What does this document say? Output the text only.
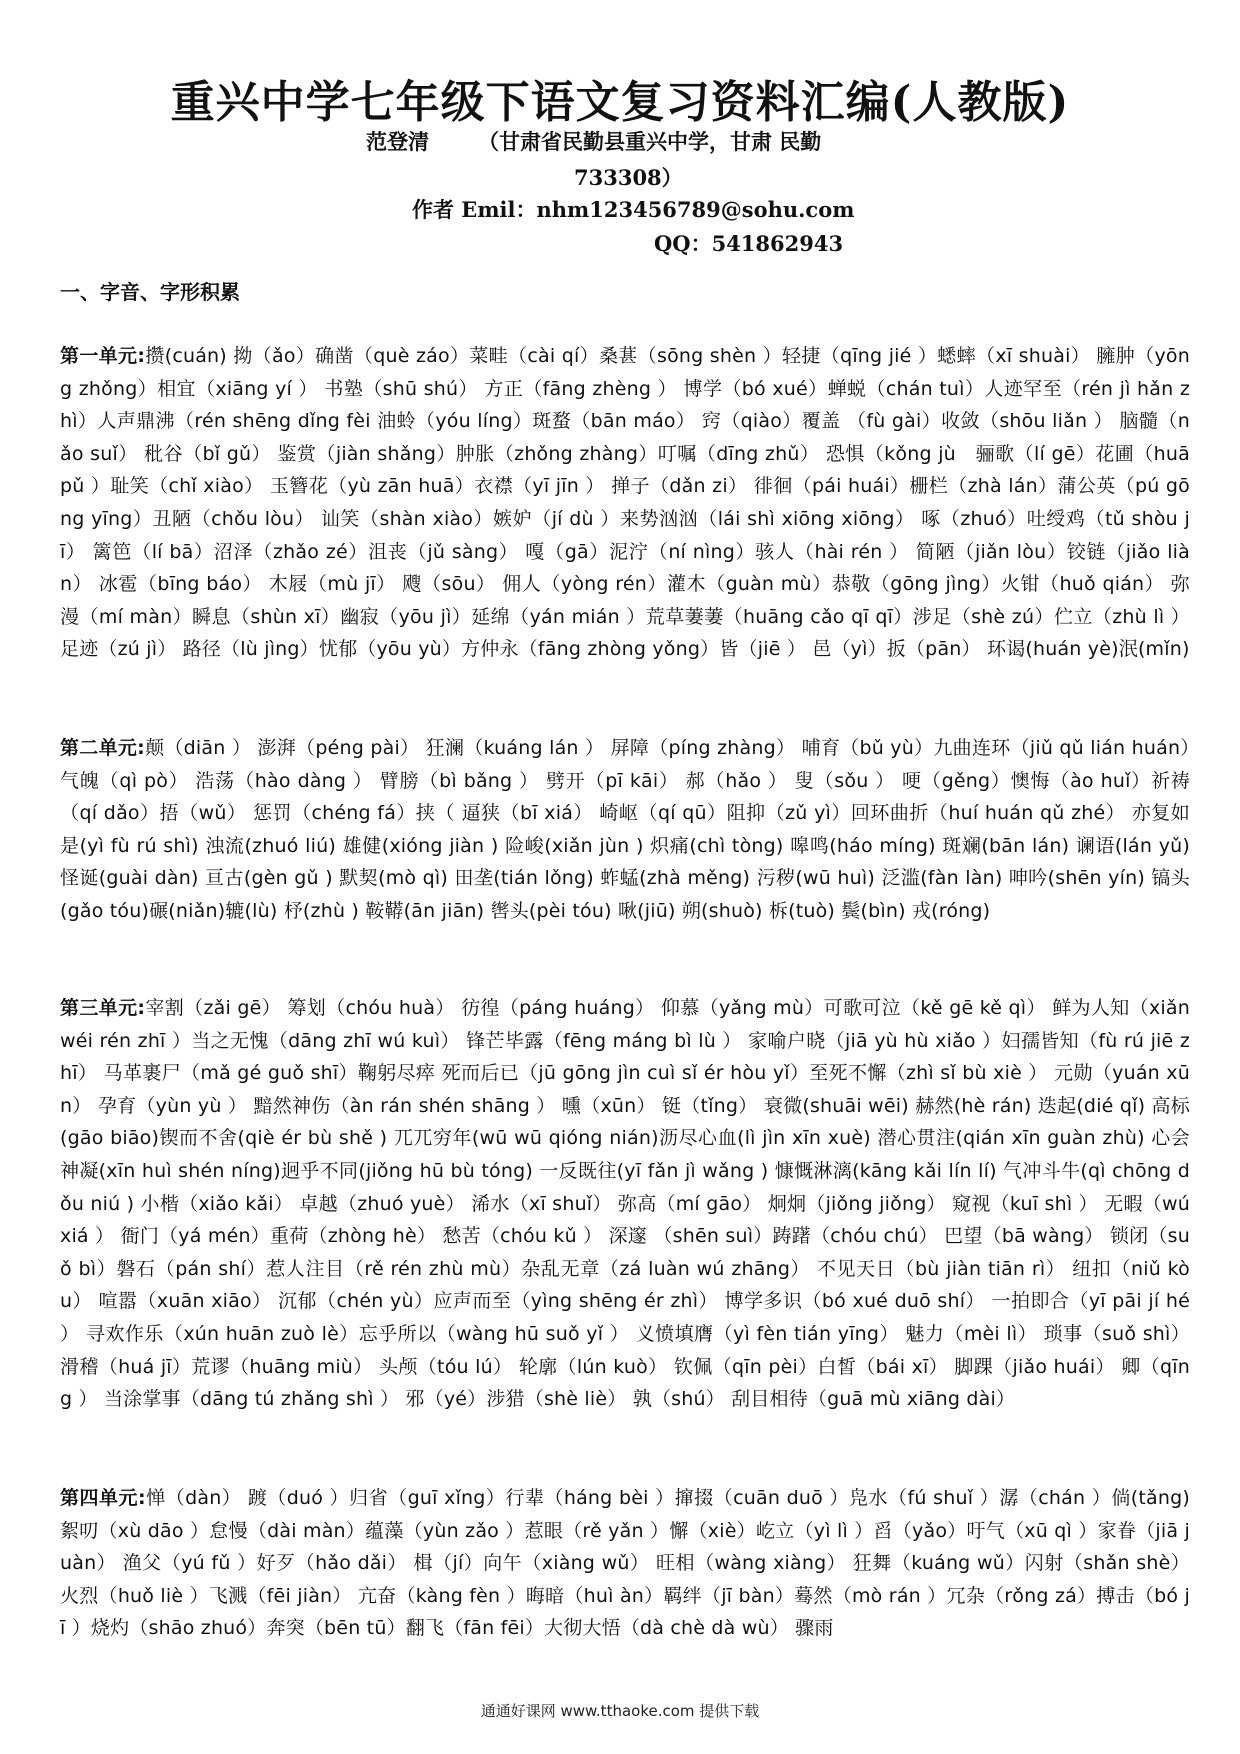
重兴中学七年级下语文复习资料汇编(人教版)
范登清 （甘肃省民勤县重兴中学，甘肃 民勤
733308）
作者 Emil：nhm123456789@sohu.com
QQ：541862943
一、字音、字形积累
第一单元:攒(cuán) 拗（ǎo）确凿（què záo）菜畦（cài qí）桑葚（sōng shèn ）轻捷（qīng jié ）蟋蟀（xī shuài） 臃肿（yōng zhǒng）相宜（xiāng yí ） 书塾（shū shú） 方正（fāng zhèng ） 博学（bó xué）蝉蜕（chán tuì）人迹罕至（rén jì hǎn zhì）人声鼎沸（rén shēng dǐng fèi 油蛉（yóu líng）斑蝥（bān máo） 窍（qiào）覆盖 （fù gài）收敛（shōu liǎn ） 脑髓（nǎo suǐ） 秕谷（bǐ gǔ） 鉴赏（jiàn shǎng）肿胀（zhǒng zhàng）叮嘱（dīng zhǔ） 恐惧（kǒng jù　骊歌（lí gē）花圃（huā pǔ ）耻笑（chǐ xiào） 玉簪花（yù zān huā）衣襟（yī jīn ） 掸子（dǎn zi） 徘徊（pái huái）栅栏（zhà lán）蒲公英（pú gōng yīng）丑陋（chǒu lòu） 讪笑（shàn xiào）嫉妒（jí dù ）来势汹汹（lái shì xiōng xiōng） 啄（zhuó）吐绶鸡（tǔ shòu jī） 篱笆（lí bā）沼泽（zhǎo zé）沮丧（jǔ sàng） 嘎（gā）泥泞（ní nìng）骇人（hài rén ） 简陋（jiǎn lòu）铰链（jiǎo liàn） 冰雹（bīng báo） 木屐（mù jī） 飕（sōu） 佣人（yòng rén）灌木（guàn mù）恭敬（gōng jìng）火钳（huǒ qián） 弥漫（mí màn）瞬息（shùn xī）幽寂（yōu jì）延绵（yán mián ）荒草萋萋（huāng cǎo qī qī）涉足（shè zú）伫立（zhù lì ） 足迹（zú jì） 路径（lù jìng）忧郁（yōu yù）方仲永（fāng zhòng yǒng）皆（jiē ） 邑（yì）扳（pān） 环谒(huán yè)泯(mǐn)
第二单元:颠（diān ） 澎湃（péng pài） 狂澜（kuáng lán ） 屏障（píng zhàng） 哺育（bǔ yù）九曲连环（jiǔ qǔ lián huán）气魄（qì pò） 浩荡（hào dàng ） 臂膀（bì bǎng ） 劈开（pī kāi） 郝（hǎo ） 叟（sǒu ） 哽（gěng）懊悔（ào huǐ）祈祷（qí dǎo）捂（wǔ） 惩罚（chéng fá）挟（ 逼狭（bī xiá） 崎岖（qí qū）阻抑（zǔ yì）回环曲折（huí huán qǔ zhé） 亦复如是(yì fù rú shì) 浊流(zhuó liú) 雄健(xióng jiàn ) 险峻(xiǎn jùn ) 炽痛(chì tòng) 嗥鸣(háo míng) 斑斓(bān lán) 谰语(lán yǔ) 怪诞(guài dàn) 亘古(gèn gǔ ) 默契(mò qì) 田垄(tián lǒng) 蚱蜢(zhà měng) 污秽(wū huì) 泛滥(fàn làn) 呻吟(shēn yín) 镐头(gǎo tóu)碾(niǎn)辘(lù) 杼(zhù ) 鞍鞯(ān jiān) 辔头(pèi tóu) 啾(jiū) 朔(shuò) 柝(tuò) 鬓(bìn) 戎(róng)
第三单元:宰割（zǎi gē） 筹划（chóu huà） 彷徨（páng huáng） 仰慕（yǎng mù）可歌可泣（kě gē kě qì） 鲜为人知（xiǎn wéi rén zhī ）当之无愧（dāng zhī wú kuì） 锋芒毕露（fēng máng bì lù ） 家喻户晓（jiā yù hù xiǎo ）妇孺皆知（fù rú jiē zhī） 马革裹尸（mǎ gé guǒ shī）鞠躬尽瘁 死而后已（jū gōng jìn cuì sǐ ér hòu yǐ）至死不懈（zhì sǐ bù xiè ） 元勋（yuán xūn） 孕育（yùn yù ） 黯然神伤（àn rán shén shāng ） 曛（xūn） 铤（tǐng） 衰微(shuāi wēi) 赫然(hè rán) 迭起(dié qǐ) 高标(gāo biāo)锲而不舍(qiè ér bù shě ) 兀兀穷年(wū wū qióng nián)沥尽心血(lì jìn xīn xuè) 潜心贯注(qián xīn guàn zhù) 心会神凝(xīn huì shén níng)迥乎不同(jiǒng hū bù tóng) 一反既往(yī fǎn jì wǎng ) 慷慨淋漓(kāng kǎi lín lí) 气冲斗牛(qì chōng dǒu niú ) 小楷（xiǎo kǎi） 卓越（zhuó yuè） 浠水（xī shuǐ） 弥高（mí gāo） 炯炯（jiǒng jiǒng） 窥视（kuī shì ） 无暇（wú xiá ） 衙门（yá mén）重荷（zhòng hè） 愁苦（chóu kǔ ） 深邃 （shēn suì）踌躇（chóu chú） 巴望（bā wàng） 锁闭（suǒ bì）磐石（pán shí）惹人注目（rě rén zhù mù）杂乱无章（zá luàn wú zhāng） 不见天日（bù jiàn tiān rì） 纽扣（niǔ kòu） 喧嚣（xuān xiāo） 沉郁（chén yù）应声而至（yìng shēng ér zhì） 博学多识（bó xué duō shí） 一拍即合（yī pāi jí hé ） 寻欢作乐（xún huān zuò lè）忘乎所以（wàng hū suǒ yǐ ） 义愤填膺（yì fèn tián yīng） 魅力（mèi lì） 琐事（suǒ shì） 滑稽（huá jī）荒谬（huāng miù） 头颅（tóu lú） 轮廓（lún kuò） 钦佩（qīn pèi）白皙（bái xī） 脚踝（jiǎo huái） 卿（qīng ） 当涂掌事（dāng tú zhǎng shì ） 邪（yé）涉猎（shè liè） 孰（shú） 刮目相待（guā mù xiāng dài）
第四单元:惮（dàn） 踱（duó ）归省（guī xǐng）行辈（háng bèi ）撺掇（cuān duō ）凫水（fú shuǐ ）潺（chán ）倘(tǎng) 絮叨（xù dāo ）怠慢（dài màn）蕴藻（yùn zǎo ）惹眼（rě yǎn ）懈（xiè）屹立（yì lì ）舀（yǎo）吁气（xū qì ）家眷（jiā juàn） 渔父（yú fǔ ）好歹（hǎo dǎi） 楫（jí）向午（xiàng wǔ） 旺相（wàng xiàng） 狂舞（kuáng wǔ）闪射（shǎn shè） 火烈（huǒ liè ）飞溅（fēi jiàn） 亢奋（kàng fèn ）晦暗（huì àn）羁绊（jī bàn）蓦然（mò rán ）冗杂（rǒng zá）搏击（bó jī ）烧灼（shāo zhuó）奔突（bēn tū）翻飞（fān fēi）大彻大悟（dà chè dà wù） 骤雨
通通好课网 www.tthaoke.com 提供下载
